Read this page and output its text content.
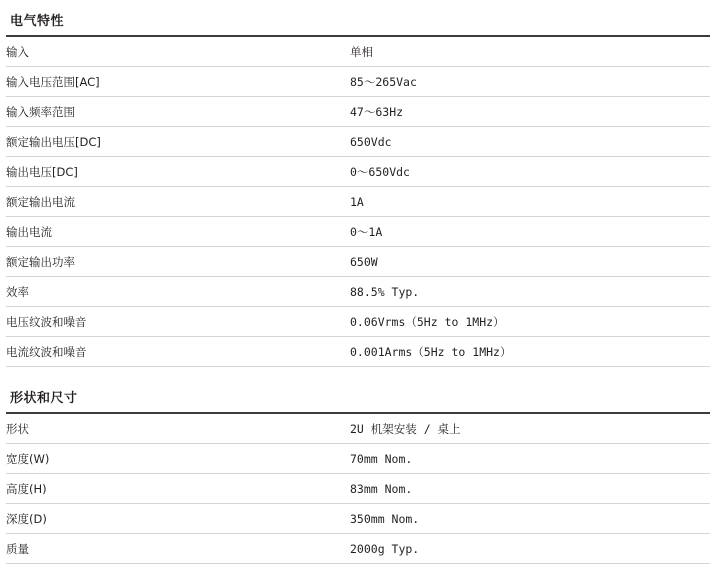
电气特性
输入	单相
输入电压范围[AC]	85〜265Vac
输入频率范围	47〜63Hz
额定输出电压[DC]	650Vdc
输出电压[DC]	0〜650Vdc
额定输出电流	1A
输出电流	0〜1A
额定输出功率	650W
效率	88.5% Typ.
电压纹波和噪音	0.06Vrms（5Hz to 1MHz）
电流纹波和噪音	0.001Arms（5Hz to 1MHz）
形状和尺寸
形状	2U 机架安装 / 桌上
宽度(W)	70mm Nom.
高度(H)	83mm Nom.
深度(D)	350mm Nom.
质量	2000g Typ.
